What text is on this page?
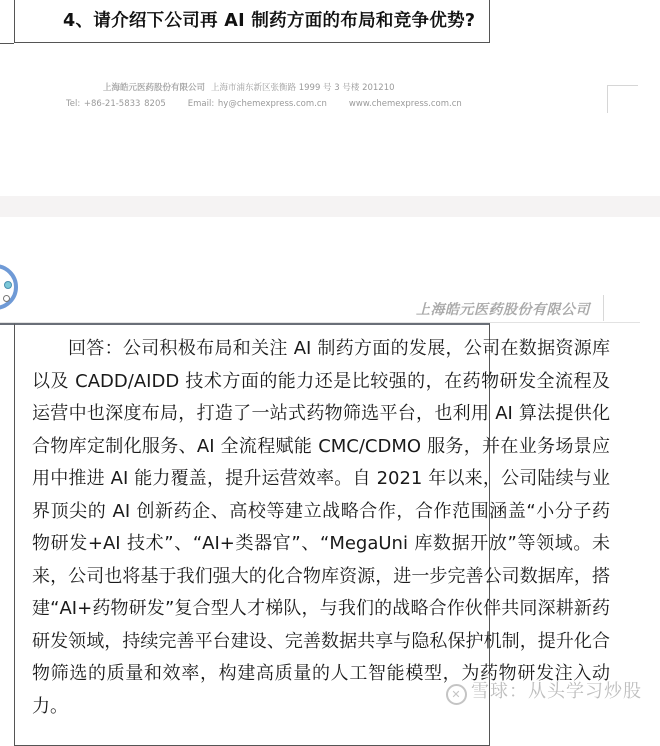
4、请介绍下公司再 AI 制药方面的布局和竞争优势?
上海皓元医药股份有限公司 上海市浦东新区张衡路 1999 号 3 号楼 201210
Tel: +86-21-5833 8205	Email: hy@chemexpress.com.cn	www.chemexpress.com.cn
上海皓元医药股份有限公司

回答：公司积极布局和关注 AI 制药方面的发展，公司在数据资源库以及 CADD/AIDD 技术方面的能力还是比较强的，在药物研发全流程及运营中也深度布局，打造了一站式药物筛选平台，也利用 AI 算法提供化合物库定制化服务、AI 全流程赋能 CMC/CDMO 服务，并在业务场景应用中推进 AI 能力覆盖，提升运营效率。自 2021 年以来，公司陆续与业界顶尖的 AI 创新药企、高校等建立战略合作，合作范围涵盖“小分子药物研发+AI 技术”、“AI+类器官”、“MegaUni 库数据开放”等领域。未来，公司也将基于我们强大的化合物库资源，进一步完善公司数据库，搭建“AI+药物研发”复合型人才梯队，与我们的战略合作伙伴共同深耕新药研发领域，持续完善平台建设、完善数据共享与隐私保护机制，提升化合物筛选的质量和效率，构建高质量的人工智能模型，为药物研发注入动力。

✕ 雪球：从头学习炒股
